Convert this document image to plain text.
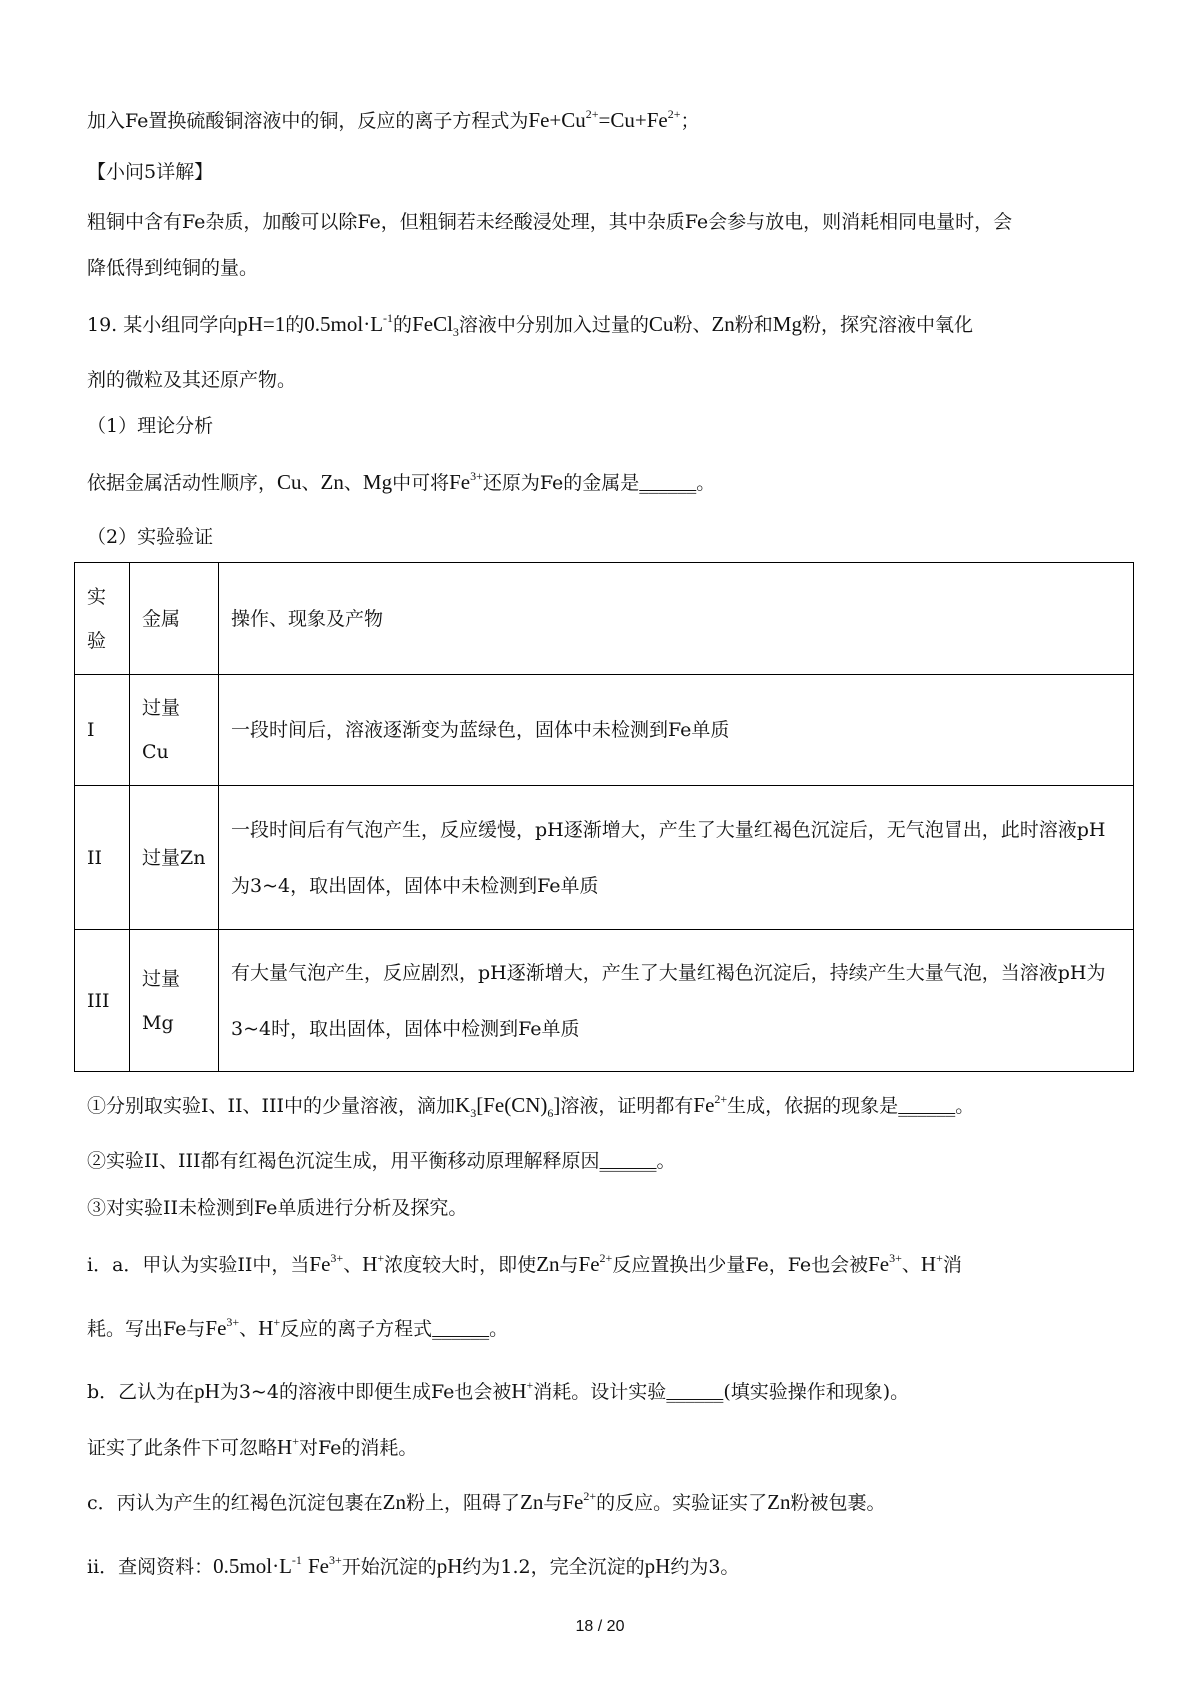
加入Fe置换硫酸铜溶液中的铜，反应的离子方程式为$Fe+Cu^{2+}=Cu+Fe^{2+}$；
【小问5详解】
粗铜中含有Fe杂质，加酸可以除Fe，但粗铜若未经酸浸处理，其中杂质Fe会参与放电，则消耗相同电量时，会
降低得到纯铜的量。
19. 某小组同学向pH=1的$0.5mol\cdot L^{-1}$的FeCl$_3$溶液中分别加入过量的Cu粉、Zn粉和Mg粉，探究溶液中氧化
剂的微粒及其还原产物。
（1）理论分析
依据金属活动性顺序，Cu、Zn、Mg中可将$Fe^{3+}$还原为Fe的金属是______。
（2）实验验证
实验	金属	操作、现象及产物
I	过量Cu	一段时间后，溶液逐渐变为蓝绿色，固体中未检测到Fe单质
II	过量Zn	一段时间后有气泡产生，反应缓慢，pH逐渐增大，产生了大量红褐色沉淀后，无气泡冒出，此时溶液pH为3~4，取出固体，固体中未检测到Fe单质
III	过量Mg	有大量气泡产生，反应剧烈，pH逐渐增大，产生了大量红褐色沉淀后，持续产生大量气泡，当溶液pH为3~4时，取出固体，固体中检测到Fe单质
①分别取实验I、II、III中的少量溶液，滴加$K_3[Fe(CN)_6]$溶液，证明都有$Fe^{2+}$生成，依据的现象是______。
②实验II、III都有红褐色沉淀生成，用平衡移动原理解释原因______。
③对实验II未检测到Fe单质进行分析及探究。
i．a．甲认为实验II中，当$Fe^{3+}$、H+浓度较大时，即使Zn与$Fe^{2+}$反应置换出少量Fe，Fe也会被$Fe^{3+}$、H+消
耗。写出Fe与$Fe^{3+}$、H+反应的离子方程式______。
b．乙认为在pH为3~4的溶液中即便生成Fe也会被H+消耗。设计实验______(填实验操作和现象)。
证实了此条件下可忽略H+对Fe的消耗。
c．丙认为产生的红褐色沉淀包裹在Zn粉上，阻碍了Zn与$Fe^{2+}$的反应。实验证实了Zn粉被包裹。
ii．查阅资料：$0.5mol\cdot L^{-1}$ $Fe^{3+}$开始沉淀的pH约为1.2，完全沉淀的pH约为3。
18 / 20
